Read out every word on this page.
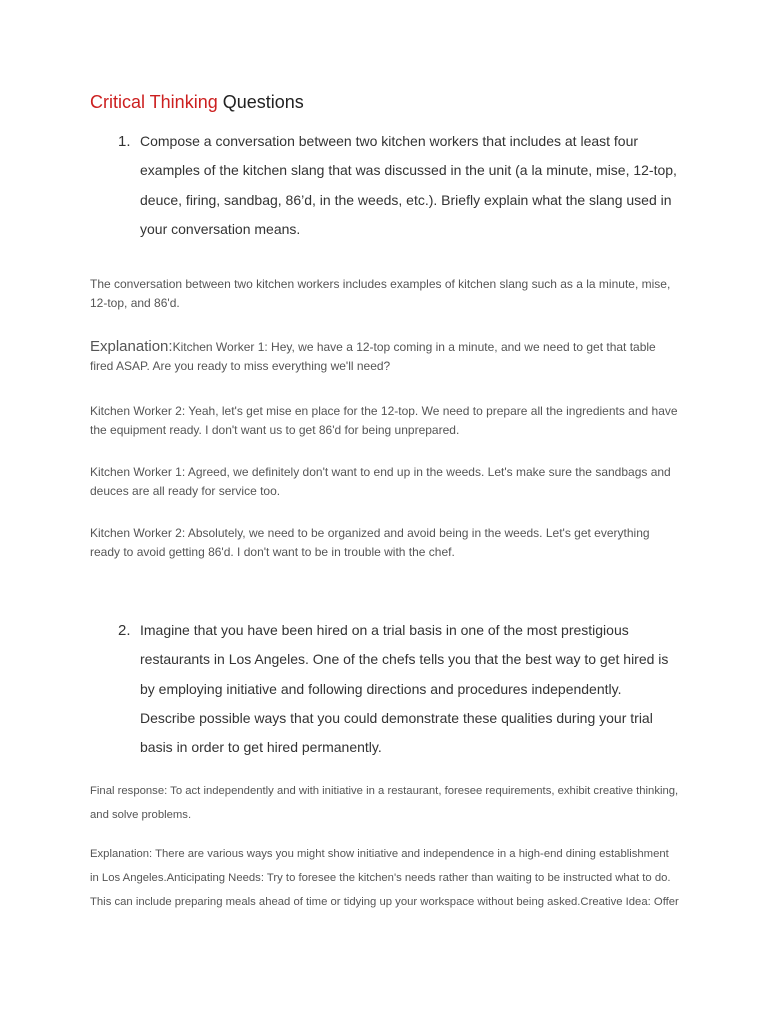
Critical Thinking Questions
1. Compose a conversation between two kitchen workers that includes at least four examples of the kitchen slang that was discussed in the unit (a la minute, mise, 12-top, deuce, firing, sandbag, 86’d, in the weeds, etc.). Briefly explain what the slang used in your conversation means.
The conversation between two kitchen workers includes examples of kitchen slang such as a la minute, mise, 12-top, and 86'd.
Explanation:Kitchen Worker 1: Hey, we have a 12-top coming in a minute, and we need to get that table fired ASAP. Are you ready to miss everything we'll need?
Kitchen Worker 2: Yeah, let's get mise en place for the 12-top. We need to prepare all the ingredients and have the equipment ready. I don't want us to get 86'd for being unprepared.
Kitchen Worker 1: Agreed, we definitely don't want to end up in the weeds. Let's make sure the sandbags and deuces are all ready for service too.
Kitchen Worker 2: Absolutely, we need to be organized and avoid being in the weeds. Let's get everything ready to avoid getting 86'd. I don't want to be in trouble with the chef.
2. Imagine that you have been hired on a trial basis in one of the most prestigious restaurants in Los Angeles. One of the chefs tells you that the best way to get hired is by employing initiative and following directions and procedures independently. Describe possible ways that you could demonstrate these qualities during your trial basis in order to get hired permanently.
Final response: To act independently and with initiative in a restaurant, foresee requirements, exhibit creative thinking, and solve problems.
Explanation: There are various ways you might show initiative and independence in a high-end dining establishment in Los Angeles.Anticipating Needs: Try to foresee the kitchen's needs rather than waiting to be instructed what to do. This can include preparing meals ahead of time or tidying up your workspace without being asked.Creative Idea: Offer
